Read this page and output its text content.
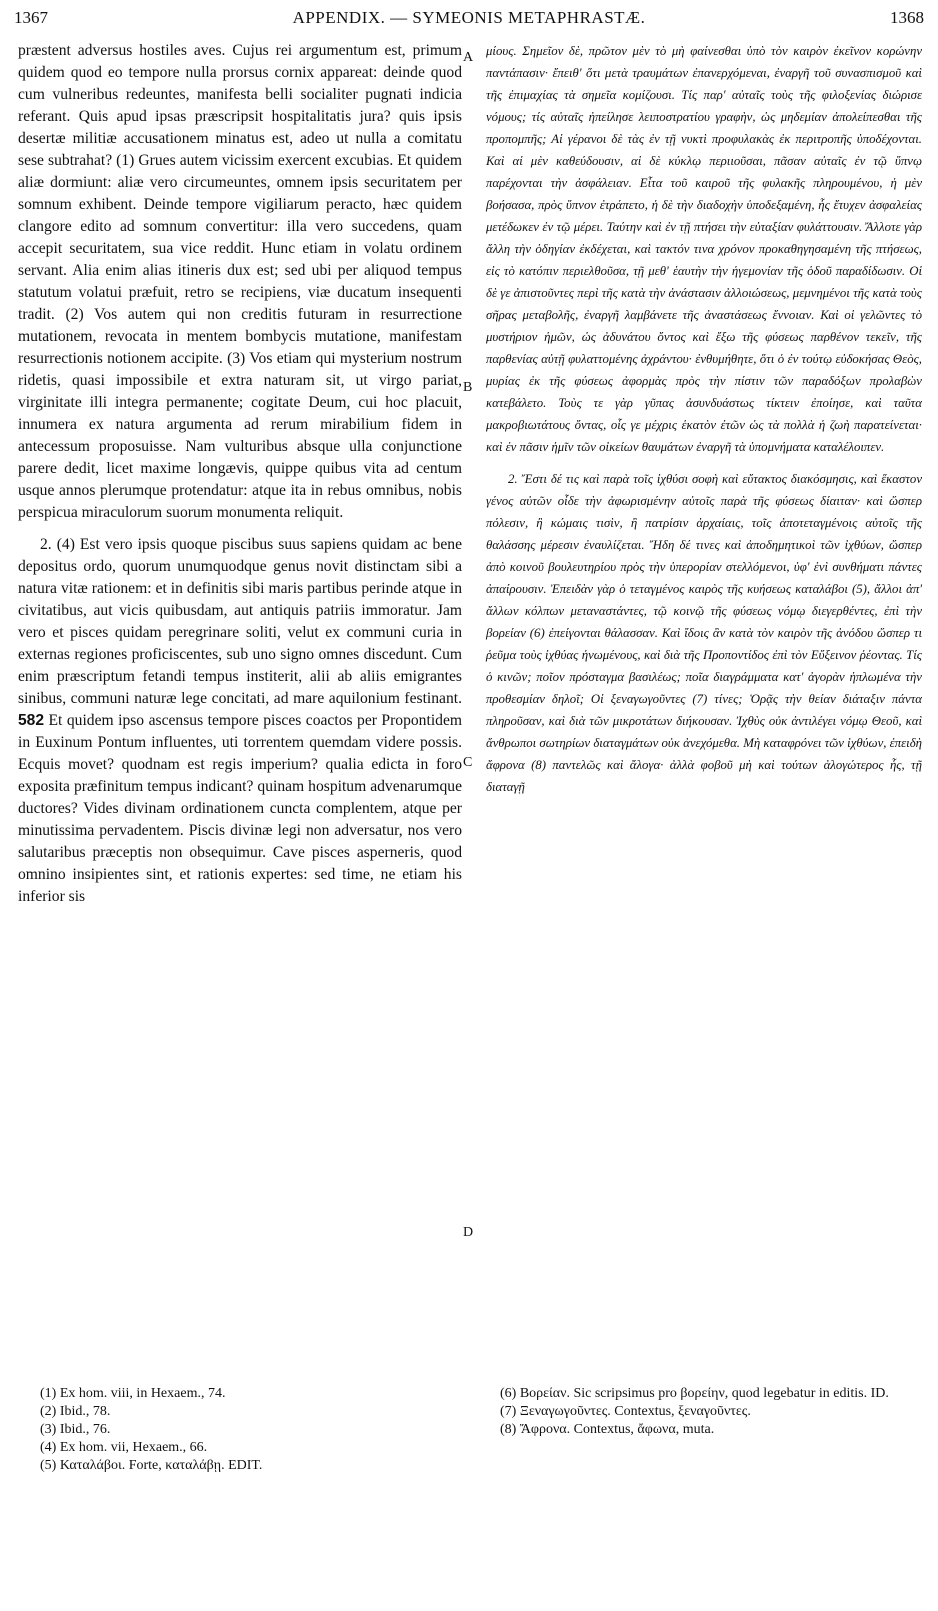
1367	APPENDIX. — SYMEONIS METAPHRASTÆ.	1368

præstent adversus hostiles aves. Cujus rei argumentum est, primum quidem quod eo tempore nulla prorsus cornix appareat: deinde quod cum vulneribus redeuntes, manifesta belli socialiter pugnati indicia referant. Quis apud ipsas præscripsit hospitalitatis jura? quis ipsis desertæ militiæ accusationem minatus est, adeo ut nulla a comitatu sese subtrahat? (1) Grues autem vicissim exercent excubias. Et quidem aliæ dormiunt: aliæ vero circumeuntes, omnem ipsis securitatem per somnum exhibent. Deinde tempore vigiliarum peracto, hæc quidem clangore edito ad somnum convertitur: illa vero succedens, quam accepit securitatem, sua vice reddit. Hunc etiam in volatu ordinem servant. Alia enim alias itineris dux est; sed ubi per aliquod tempus statutum volatui præfuit, retro se recipiens, viæ ducatum insequenti tradit. (2) Vos autem qui non creditis futuram in resurrectione mutationem, revocata in mentem bombycis mutatione, manifestam resurrectionis notionem accipite. (3) Vos etiam qui mysterium nostrum ridetis, quasi impossibile et extra naturam sit, ut virgo pariat, virginitate illi integra permanente; cogitate Deum, cui hoc placuit, innumera ex natura argumenta ad rerum mirabilium fidem in antecessum proposuisse. Nam vulturibus absque ulla conjunctione parere dedit, licet maxime longævis, quippe quibus vita ad centum usque annos plerumque protendatur: atque ita in rebus omnibus, nobis perspicua miraculorum suorum monumenta reliquit.

2. (4) Est vero ipsis quoque piscibus suus sapiens quidam ac bene depositus ordo, quorum unumquodque genus novit distinctam sibi a natura vitæ rationem: et in definitis sibi maris partibus perinde atque in civitatibus, aut vicis quibusdam, aut antiquis patriis immoratur. Jam vero et pisces quidam peregrinare soliti, velut ex communi curia in externas regiones proficiscentes, sub uno signo omnes discedunt. Cum enim præscriptum fetandi tempus institerit, alii ab aliis emigrantes sinibus, communi naturæ lege concitati, ad mare aquilonium festinant. 582 Et quidem ipso ascensus tempore pisces coactos per Propontidem in Euxinum Pontum influentes, uti torrentem quemdam videre possis. Ecquis movet? quodnam est regis imperium? qualia edicta in foro exposita præfinitum tempus indicant? quinam hospitum advenarumque ductores? Vides divinam ordinationem cuncta complentem, atque per minutissima pervadentem. Piscis divinæ legi non adversatur, nos vero salutaribus præceptis non obsequimur. Cave pisces asperneris, quod omnino insipientes sint, et rationis expertes: sed time, ne etiam his inferior sis

A
B
C
D

μίους. Σημεῖον δὲ, πρῶτον μὲν τὸ μὴ φαίνεσθαι ὑπὸ τὸν καιρὸν ἐκεῖνον κορώνην παντάπασιν· ἔπειθ' ὅτι μετὰ τραυμάτων ἐπανερχόμεναι, ἐναργῆ τοῦ συνασπισμοῦ καὶ τῆς ἐπιμαχίας τὰ σημεῖα κομίζουσι. Τίς παρ' αὐταῖς τοὺς τῆς φιλοξενίας διώρισε νόμους; τίς αὐταῖς ἠπείλησε λειποστρατίου γραφὴν, ὡς μηδεμίαν ἀπολείπεσθαι τῆς προπομπῆς; Αἱ γέρανοι δὲ τὰς ἐν τῇ νυκτὶ προφυλακὰς ἐκ περιτροπῆς ὑποδέχονται. Καὶ αἱ μὲν καθεύδουσιν, αἱ δὲ κύκλῳ περιιοῦσαι, πᾶσαν αὐταῖς ἐν τῷ ὕπνῳ παρέχονται τὴν ἀσφάλειαν. Εἶτα τοῦ καιροῦ τῆς φυλακῆς πληρουμένου, ἡ μὲν βοήσασα, πρὸς ὕπνον ἐτράπετο, ἡ δὲ τὴν διαδοχὴν ὑποδεξαμένη, ἧς ἔτυχεν ἀσφαλείας μετέδωκεν ἐν τῷ μέρει. Ταύτην καὶ ἐν τῇ πτήσει τὴν εὐταξίαν φυλάττουσιν. Ἄλλοτε γὰρ ἄλλη τὴν ὁδηγίαν ἐκδέχεται, καὶ τακτόν τινα χρόνον προκαθηγησαμένη τῆς πτήσεως, εἰς τὸ κατόπιν περιελθοῦσα, τῇ μεθ' ἑαυτὴν τὴν ἡγεμονίαν τῆς ὁδοῦ παραδίδωσιν. Οἱ δὲ γε ἀπιστοῦντες περὶ τῆς κατὰ τὴν ἀνάστασιν ἀλλοιώσεως, μεμνημένοι τῆς κατὰ τοὺς σῆρας μεταβολῆς, ἐναργῆ λαμβάνετε τῆς ἀναστάσεως ἔννοιαν. Καὶ οἱ γελῶντες τὸ μυστήριον ἡμῶν, ὡς ἀδυνάτου ὄντος καὶ ἔξω τῆς φύσεως παρθένον τεκεῖν, τῆς παρθενίας αὐτῇ φυλαττομένης ἀχράντου· ἐνθυμήθητε, ὅτι ὁ ἐν τούτῳ εὐδοκήσας Θεὸς, μυρίας ἐκ τῆς φύσεως ἀφορμὰς πρὸς τὴν πίστιν τῶν παραδόξων προλαβὼν κατεβάλετο. Τοὺς τε γὰρ γῦπας ἀσυνδυάστως τίκτειν ἐποίησε, καὶ ταῦτα μακροβιωτάτους ὄντας, οἷς γε μέχρις ἑκατὸν ἐτῶν ὡς τὰ πολλὰ ἡ ζωὴ παρατείνεται· καὶ ἐν πᾶσιν ἡμῖν τῶν οἰκείων θαυμάτων ἐναργῆ τὰ ὑπομνήματα καταλέλοιπεν.

2. Ἔστι δέ τις καὶ παρὰ τοῖς ἰχθύσι σοφὴ καὶ εὔτακτος διακόσμησις, καὶ ἕκαστον γένος αὐτῶν οἶδε τὴν ἀφωρισμένην αὐτοῖς παρὰ τῆς φύσεως δίαιταν· καὶ ὥσπερ πόλεσιν, ἢ κώμαις τισὶν, ἢ πατρίσιν ἀρχαίαις, τοῖς ἀποτεταγμένοις αὐτοῖς τῆς θαλάσσης μέρεσιν ἐναυλίζεται. Ἤδη δέ τινες καὶ ἀποδημητικοὶ τῶν ἰχθύων, ὥσπερ ἀπὸ κοινοῦ βουλευτηρίου πρὸς τὴν ὑπερορίαν στελλόμενοι, ὑφ' ἑνὶ συνθήματι πάντες ἀπαίρουσιν. Ἐπειδὰν γὰρ ὁ τεταγμένος καιρὸς τῆς κυήσεως καταλάβοι (5), ἄλλοι ἀπ' ἄλλων κόλπων μεταναστάντες, τῷ κοινῷ τῆς φύσεως νόμῳ διεγερθέντες, ἐπὶ τὴν βορείαν (6) ἐπείγονται θάλασσαν. Καὶ ἴδοις ἂν κατὰ τὸν καιρὸν τῆς ἀνόδου ὥσπερ τι ῥεῦμα τοὺς ἰχθύας ἡνωμένους, καὶ διὰ τῆς Προποντίδος ἐπὶ τὸν Εὔξεινον ῥέοντας. Τίς ὁ κινῶν; ποῖον πρόσταγμα βασιλέως; ποῖα διαγράμματα κατ' ἀγορὰν ἡπλωμένα τὴν προθεσμίαν δηλοῖ; Οἱ ξεναγωγοῦντες (7) τίνες; Ὁρᾷς τὴν θείαν διάταξιν πάντα πληροῦσαν, καὶ διὰ τῶν μικροτάτων διήκουσαν. Ἰχθὺς οὐκ ἀντιλέγει νόμῳ Θεοῦ, καὶ ἄνθρωποι σωτηρίων διαταγμάτων οὐκ ἀνεχόμεθα. Μὴ καταφρόνει τῶν ἰχθύων, ἐπειδὴ ἄφρονα (8) παντελῶς καὶ ἄλογα· ἀλλὰ φοβοῦ μὴ καὶ τούτων ἀλογώτερος ἧς, τῇ διαταγῇ

(1) Ex hom. viii, in Hexaem., 74.
(2) Ibid., 78.
(3) Ibid., 76.
(4) Ex hom. vii, Hexaem., 66.
(5) Καταλάβοι. Forte, καταλάβῃ. EDIT.
(6) Βορείαν. Sic scripsimus pro βορείην, quod legebatur in editis. ID.
(7) Ξεναγωγοῦντες. Contextus, ξεναγοῦντες.
(8) Ἄφρονα. Contextus, ἄφωνα, muta.
